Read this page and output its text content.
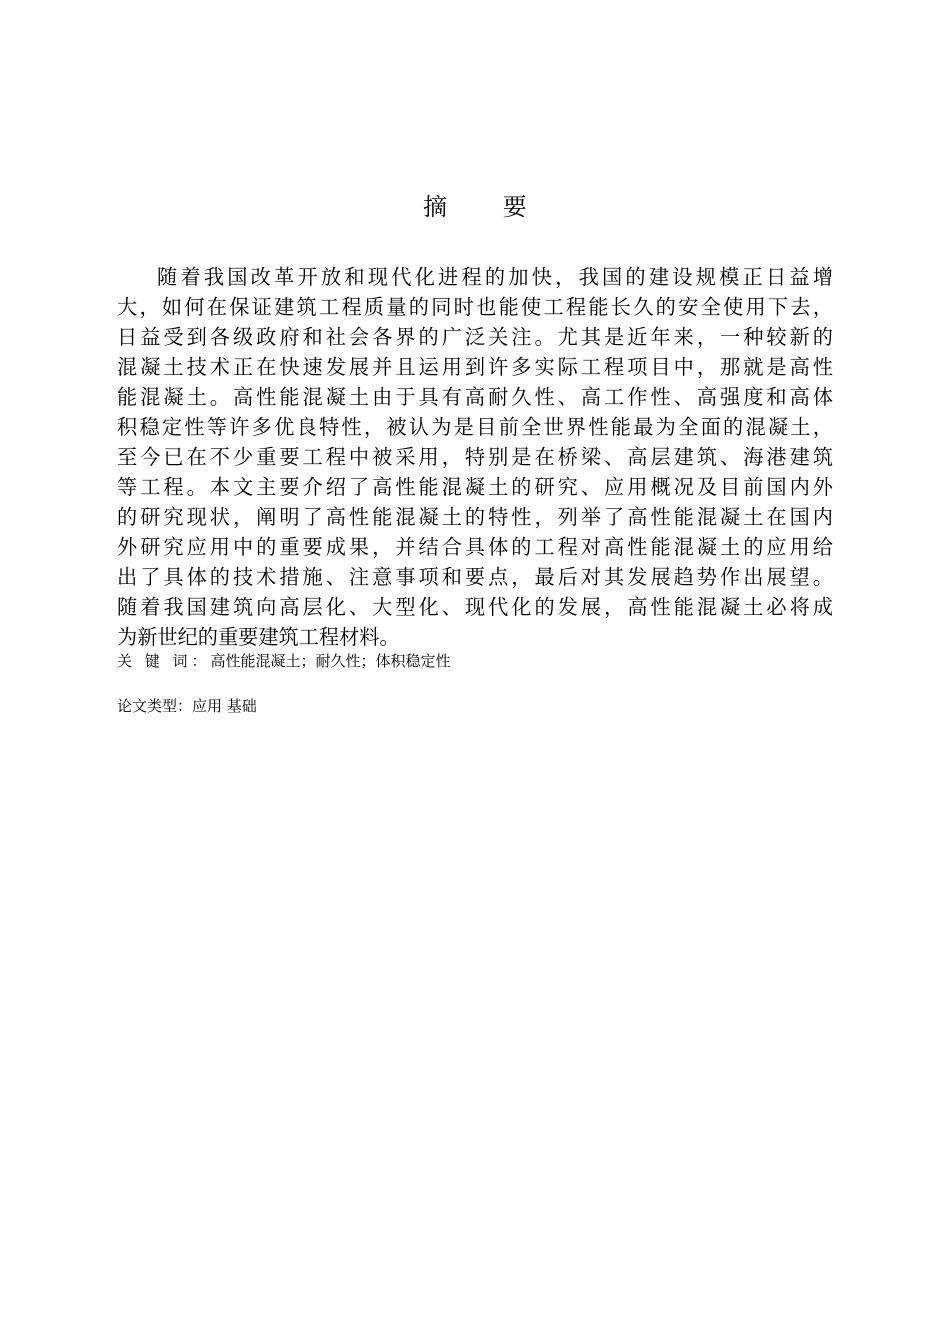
摘 要
随着我国改革开放和现代化进程的加快，我国的建设规模正日益增
大，如何在保证建筑工程质量的同时也能使工程能长久的安全使用下去，
日益受到各级政府和社会各界的广泛关注。尤其是近年来，一种较新的
混凝土技术正在快速发展并且运用到许多实际工程项目中，那就是高性
能混凝土。高性能混凝土由于具有高耐久性、高工作性、高强度和高体
积稳定性等许多优良特性，被认为是目前全世界性能最为全面的混凝土，
至今已在不少重要工程中被采用，特别是在桥梁、高层建筑、海港建筑
等工程。本文主要介绍了高性能混凝土的研究、应用概况及目前国内外
的研究现状，阐明了高性能混凝土的特性，列举了高性能混凝土在国内
外研究应用中的重要成果，并结合具体的工程对高性能混凝土的应用给
出了具体的技术措施、注意事项和要点，最后对其发展趋势作出展望。
随着我国建筑向高层化、大型化、现代化的发展，高性能混凝土必将成
为新世纪的重要建筑工程材料。
关 键 词：高性能混凝土；耐久性；体积稳定性
论文类型：应用 基础
